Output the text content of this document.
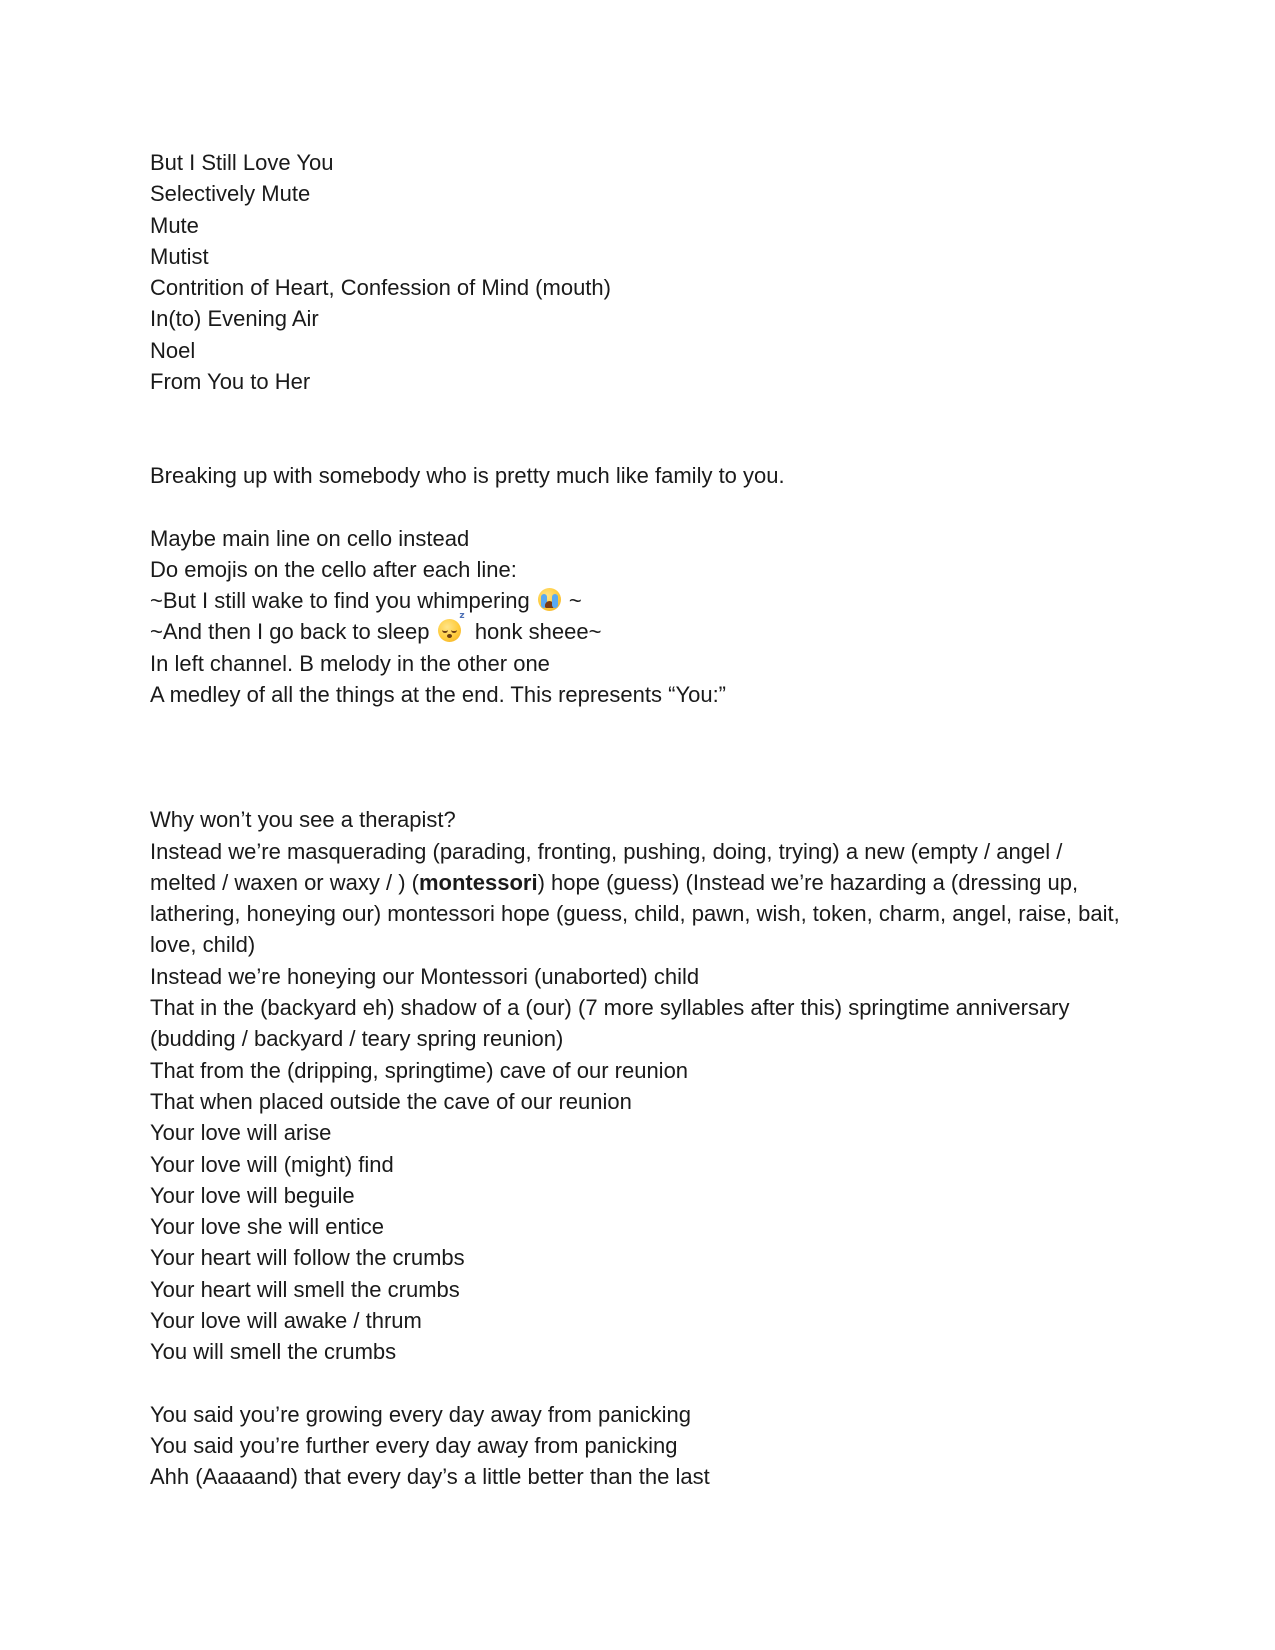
But I Still Love You

Selectively Mute

Mute

Mutist

Contrition of Heart, Confession of Mind (mouth)

In(to) Evening Air

Noel

From You to Her

Breaking up with somebody who is pretty much like family to you.

Maybe main line on cello instead

Do emojis on the cello after each line:

~But I still wake to find you whimpering
~

~And then I go back to sleep
z
honk sheee~

In left channel. B melody in the other one

A medley of all the things at the end. This represents “You:”

Why won’t you see a therapist?

Instead we’re masquerading (parading, fronting, pushing, doing, trying) a new (empty / angel / melted / waxen or waxy / ) (montessori) hope (guess) (Instead we’re hazarding a (dressing up, lathering, honeying our) montessori hope (guess, child, pawn, wish, token, charm, angel, raise, bait, love, child)

Instead we’re honeying our Montessori (unaborted) child

That in the (backyard eh) shadow of a (our) (7 more syllables after this) springtime anniversary (budding / backyard / teary spring reunion)

That from the (dripping, springtime) cave of our reunion

That when placed outside the cave of our reunion

Your love will arise

Your love will (might) find

Your love will beguile

Your love she will entice

Your heart will follow the crumbs

Your heart will smell the crumbs

Your love will awake / thrum

You will smell the crumbs

You said you’re growing every day away from panicking

You said you’re further every day away from panicking

Ahh (Aaaaand) that every day’s a little better than the last
